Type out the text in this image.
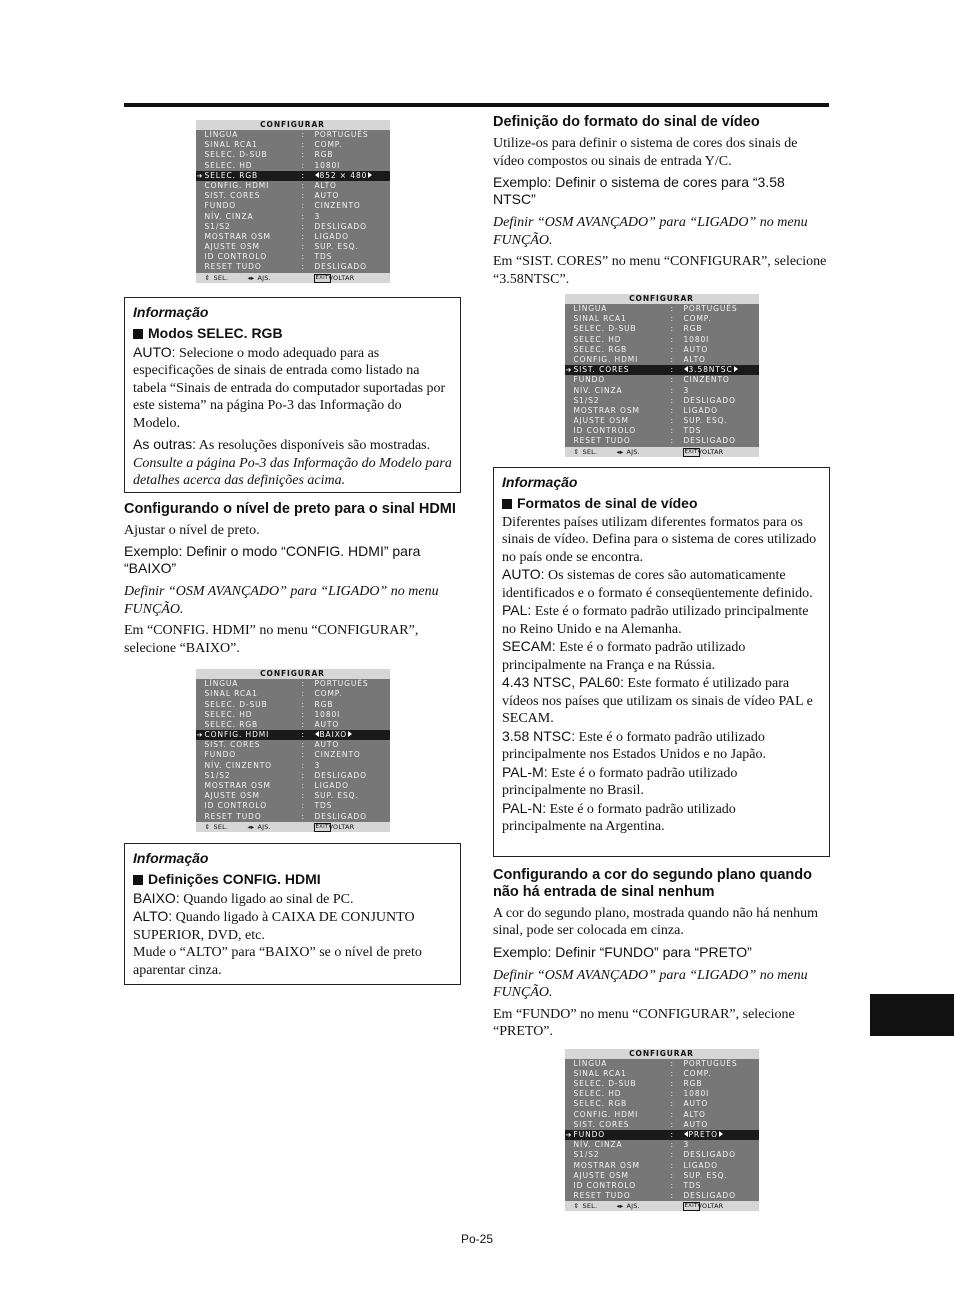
CONFIGURAR
LÍNGUA	: PORTUGUÊS
SINAL RCA1	: COMP.
SELEC. D-SUB	: RGB
SELEC. HD	: 1080I
➔ SELEC. RGB	:	852 × 480
CONFIG. HDMI	: ALTO
SIST. CORES	: AUTO
FUNDO	: CINZENTO
NÍV. CINZA	: 3
S1/S2	: DESLIGADO
MOSTRAR OSM	: LIGADO
AJUSTE OSM	: SUP. ESQ.
ID CONTROLO	: TDS
RESET TUDO	: DESLIGADO
⇕ SEL.	◂▸ AJS.	EXIT VOLTAR
Informação
Modos SELEC. RGB

AUTO: Selecione o modo adequado para as especificações de sinais de entrada como listado na tabela “Sinais de entrada do computador suportadas por este sistema” na página Po-3 das Informação do Modelo.

As outras: As resoluções disponíveis são mostradas.

Consulte a página Po-3 das Informação do Modelo para detalhes acerca das definições acima.

Configurando o nível de preto para o sinal HDMI

Ajustar o nível de preto.

Exemplo: Definir o modo “CONFIG. HDMI” para “BAIXO”

Definir “OSM AVANÇADO” para “LIGADO” no menu FUNÇÃO.

Em “CONFIG. HDMI” no menu “CONFIGURAR”, selecione “BAIXO”.

CONFIGURAR
LÍNGUA	: PORTUGUÊS
SINAL RCA1	: COMP.
SELEC. D-SUB	: RGB
SELEC. HD	: 1080I
SELEC. RGB	: AUTO
➔ CONFIG. HDMI	:	BAIXO
SIST. CORES	: AUTO
FUNDO	: CINZENTO
NÍV. CINZENTO	: 3
S1/S2	: DESLIGADO
MOSTRAR OSM	: LIGADO
AJUSTE OSM	: SUP. ESQ.
ID CONTROLO	: TDS
RESET TUDO	: DESLIGADO
⇕ SEL.	◂▸ AJS.	EXIT VOLTAR
Informação
Definições CONFIG. HDMI

BAIXO: Quando ligado ao sinal de PC.

ALTO: Quando ligado à CAIXA DE CONJUNTO SUPERIOR, DVD, etc.

Mude o “ALTO” para “BAIXO” se o nível de preto aparentar cinza.

Definição do formato do sinal de vídeo

Utilize-os para definir o sistema de cores dos sinais de vídeo compostos ou sinais de entrada Y/C.

Exemplo: Definir o sistema de cores para “3.58 NTSC”

Definir “OSM AVANÇADO” para “LIGADO” no menu FUNÇÃO.

Em “SIST. CORES” no menu “CONFIGURAR”, selecione “3.58NTSC”.

CONFIGURAR
LÍNGUA	: PORTUGUÊS
SINAL RCA1	: COMP.
SELEC. D-SUB	: RGB
SELEC. HD	: 1080I
SELEC. RGB	: AUTO
CONFIG. HDMI	: ALTO
➔ SIST. CORES	:	3.58NTSC
FUNDO	: CINZENTO
NÍV. CINZA	: 3
S1/S2	: DESLIGADO
MOSTRAR OSM	: LIGADO
AJUSTE OSM	: SUP. ESQ.
ID CONTROLO	: TDS
RESET TUDO	: DESLIGADO
⇕ SEL.	◂▸ AJS.	EXIT VOLTAR
Informação
Formatos de sinal de vídeo

Diferentes países utilizam diferentes formatos para os sinais de vídeo. Defina para o sistema de cores utilizado no país onde se encontra.

AUTO: Os sistemas de cores são automaticamente identificados e o formato é conseqüentemente definido.

PAL: Este é o formato padrão utilizado principalmente no Reino Unido e na Alemanha.

SECAM: Este é o formato padrão utilizado principalmente na França e na Rússia.

4.43 NTSC, PAL60: Este formato é utilizado para vídeos nos países que utilizam os sinais de vídeo PAL e SECAM.

3.58 NTSC: Este é o formato padrão utilizado principalmente nos Estados Unidos e no Japão.

PAL-M: Este é o formato padrão utilizado principalmente no Brasil.

PAL-N: Este é o formato padrão utilizado principalmente na Argentina.

Configurando a cor do segundo plano quando não há entrada de sinal nenhum

A cor do segundo plano, mostrada quando não há nenhum sinal, pode ser colocada em cinza.

Exemplo: Definir “FUNDO” para “PRETO”

Definir “OSM AVANÇADO” para “LIGADO” no menu FUNÇÃO.

Em “FUNDO” no menu “CONFIGURAR”, selecione “PRETO”.

CONFIGURAR
LÍNGUA	: PORTUGUÊS
SINAL RCA1	: COMP.
SELEC. D-SUB	: RGB
SELEC. HD	: 1080I
SELEC. RGB	: AUTO
CONFIG. HDMI	: ALTO
SIST. CORES	: AUTO
➔ FUNDO	:	PRETO
NÍV. CINZA	: 3
S1/S2	: DESLIGADO
MOSTRAR OSM	: LIGADO
AJUSTE OSM	: SUP. ESQ.
ID CONTROLO	: TDS
RESET TUDO	: DESLIGADO
⇕ SEL.	◂▸ AJS.	EXIT VOLTAR
Po-25
